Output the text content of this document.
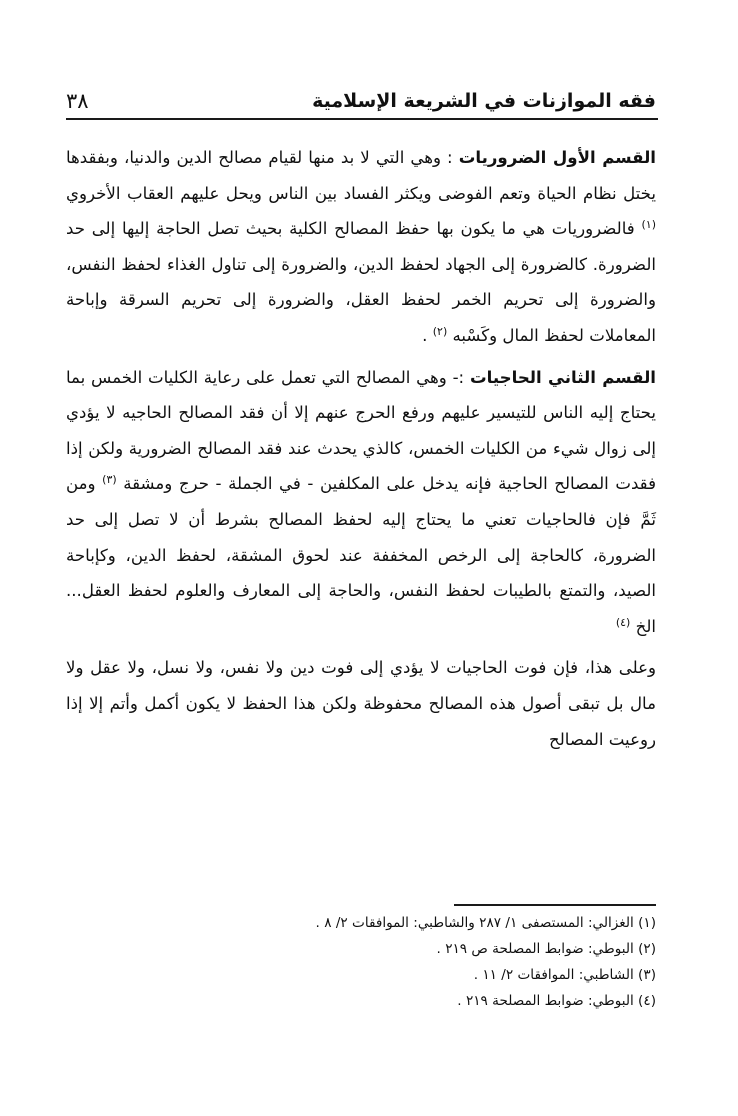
فقه الموازنات في الشريعة الإسلامية
٣٨

القسم الأول الضروريات : وهي التي لا بد منها لقيام مصالح الدين والدنيا، وبفقدها يختل نظام الحياة وتعم الفوضى ويكثر الفساد بين الناس ويحل عليهم العقاب الأخروي $^{(١)}$ فالضروريات هي ما يكون بها حفظ المصالح الكلية بحيث تصل الحاجة إليها إلى حد الضرورة. كالضرورة إلى الجهاد لحفظ الدين، والضرورة إلى تناول الغذاء لحفظ النفس، والضرورة إلى تحريم الخمر لحفظ العقل، والضرورة إلى تحريم السرقة وإباحة المعاملات لحفظ المال وكَسْبه $^{(٢)}$ .

القسم الثاني الحاجيات :- وهي المصالح التي تعمل على رعاية الكليات الخمس بما يحتاج إليه الناس للتيسير عليهم ورفع الحرج عنهم إلا أن فقد المصالح الحاجيه لا يؤدي إلى زوال شيء من الكليات الخمس، كالذي يحدث عند فقد المصالح الضرورية ولكن إذا فقدت المصالح الحاجية فإنه يدخل على المكلفين - في الجملة - حرج ومشقة $^{(٣)}$ ومن ثَمَّ فإن فالحاجيات تعني ما يحتاج إليه لحفظ المصالح بشرط أن لا تصل إلى حد الضرورة، كالحاجة إلى الرخص المخففة عند لحوق المشقة، لحفظ الدين، وكإباحة الصيد، والتمتع بالطيبات لحفظ النفس، والحاجة إلى المعارف والعلوم لحفظ العقل... الخ $^{(٤)}$

وعلى هذا، فإن فوت الحاجيات لا يؤدي إلى فوت دين ولا نفس، ولا نسل، ولا عقل ولا مال بل تبقى أصول هذه المصالح محفوظة ولكن هذا الحفظ لا يكون أكمل وأتم إلا إذا روعيت المصالح

(١) الغزالي: المستصفى ١/ ٢٨٧ والشاطبي: الموافقات ٢/ ٨ .

(٢) البوطي: ضوابط المصلحة ص ٢١٩ .

(٣) الشاطبي: الموافقات ٢/ ١١ .

(٤) البوطي: ضوابط المصلحة ٢١٩ .
